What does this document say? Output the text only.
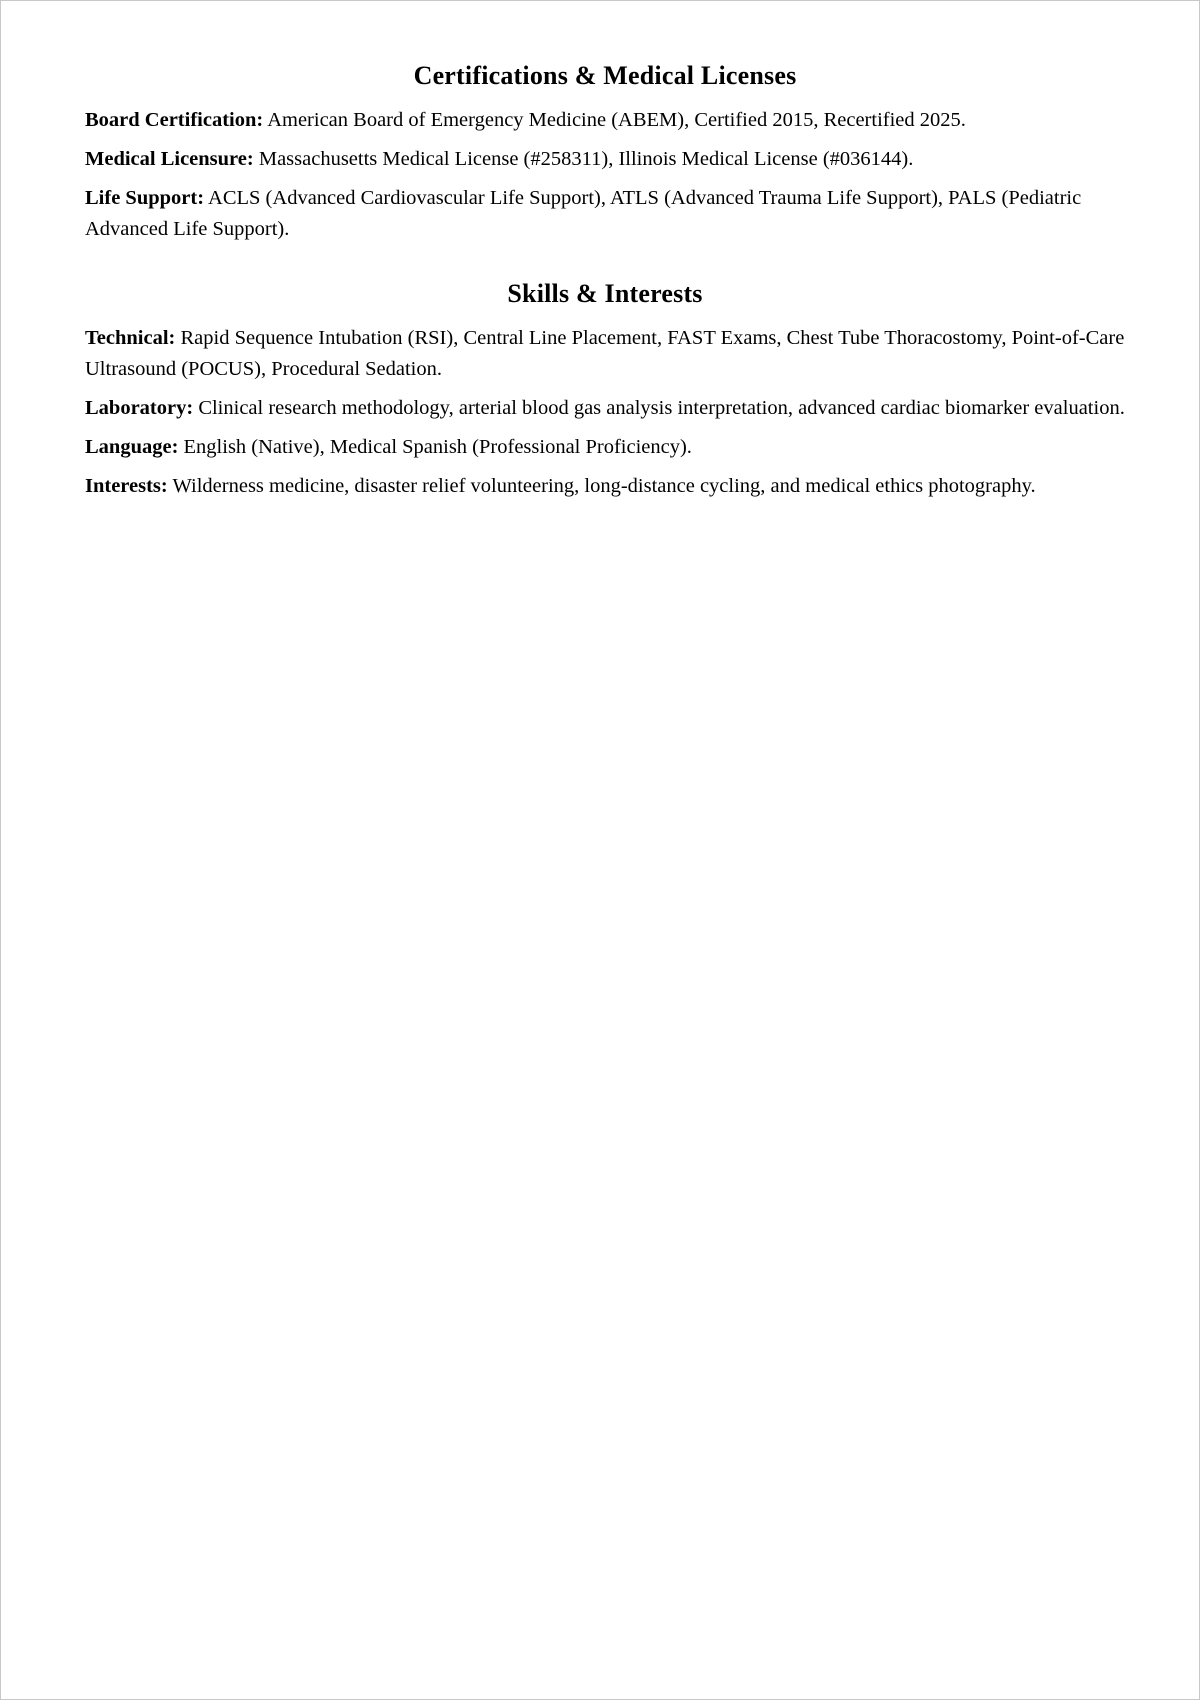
Certifications & Medical Licenses

Board Certification: American Board of Emergency Medicine (ABEM), Certified 2015, Recertified 2025.

Medical Licensure: Massachusetts Medical License (#258311), Illinois Medical License (#036144).

Life Support: ACLS (Advanced Cardiovascular Life Support), ATLS (Advanced Trauma Life Support), PALS (Pediatric Advanced Life Support).

Skills & Interests

Technical: Rapid Sequence Intubation (RSI), Central Line Placement, FAST Exams, Chest Tube Thoracostomy, Point-of-Care Ultrasound (POCUS), Procedural Sedation.

Laboratory: Clinical research methodology, arterial blood gas analysis interpretation, advanced cardiac biomarker evaluation.

Language: English (Native), Medical Spanish (Professional Proficiency).

Interests: Wilderness medicine, disaster relief volunteering, long-distance cycling, and medical ethics photography.
